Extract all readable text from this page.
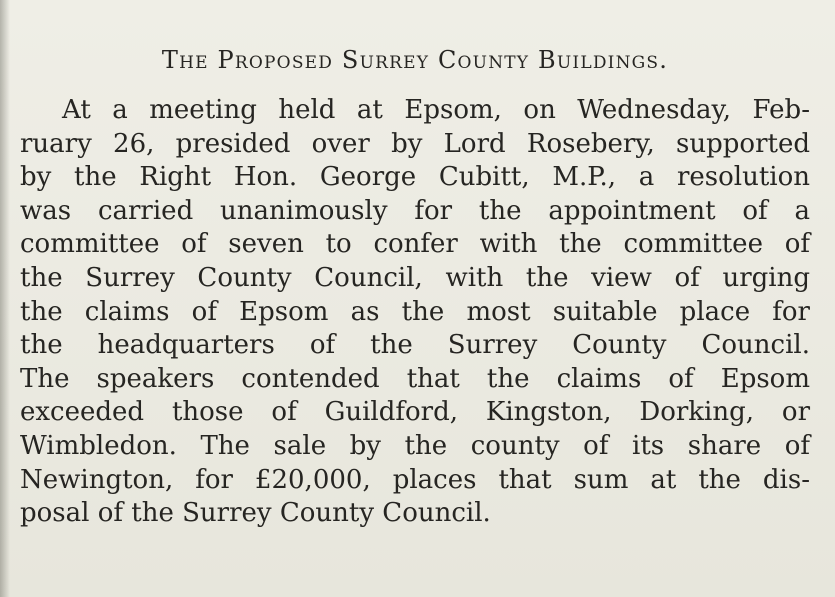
The Proposed Surrey County Buildings.
At a meeting held at Epsom, on Wednesday, Feb-
ruary 26, presided over by Lord Rosebery, supported
by the Right Hon. George Cubitt, M.P., a resolution
was carried unanimously for the appointment of a
committee of seven to confer with the committee of
the Surrey County Council, with the view of urging
the claims of Epsom as the most suitable place for
the headquarters of the Surrey County Council.
The speakers contended that the claims of Epsom
exceeded those of Guildford, Kingston, Dorking, or
Wimbledon. The sale by the county of its share of
Newington, for £20,000, places that sum at the dis-
posal of the Surrey County Council.
